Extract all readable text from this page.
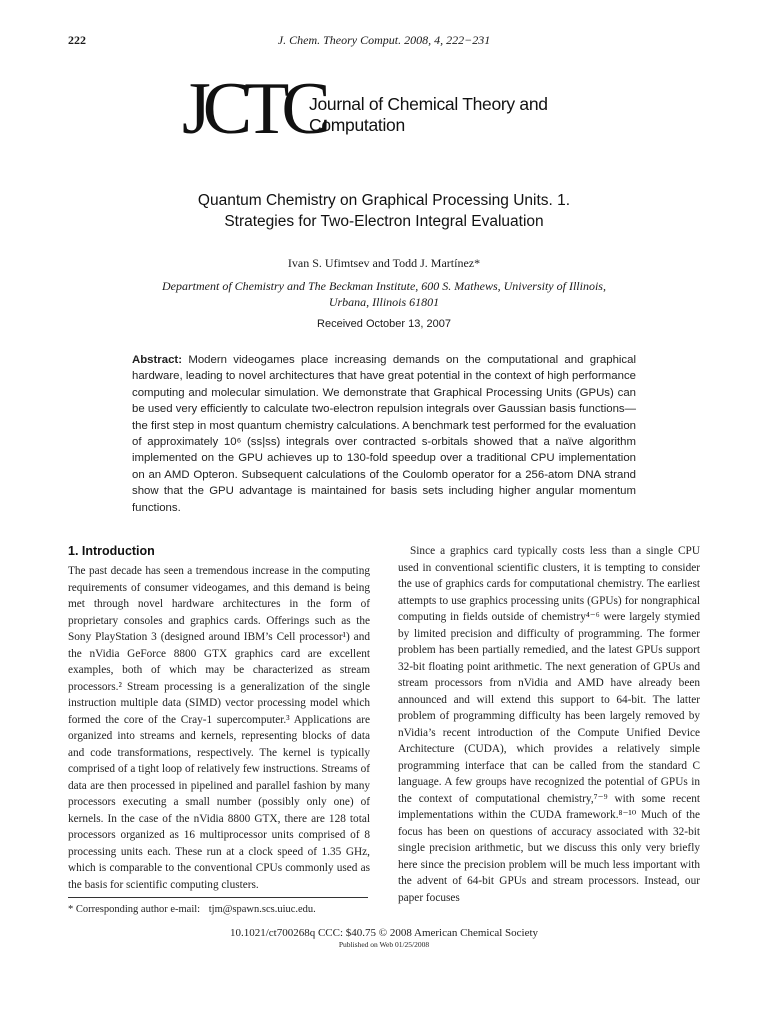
222	J. Chem. Theory Comput. 2008, 4, 222−231
JCTC
Journal of Chemical Theory and Computation
Quantum Chemistry on Graphical Processing Units. 1.
Strategies for Two-Electron Integral Evaluation
Ivan S. Ufimtsev and Todd J. Martínez*
Department of Chemistry and The Beckman Institute, 600 S. Mathews, University of Illinois, Urbana, Illinois 61801
Received October 13, 2007
Abstract: Modern videogames place increasing demands on the computational and graphical hardware, leading to novel architectures that have great potential in the context of high performance computing and molecular simulation. We demonstrate that Graphical Processing Units (GPUs) can be used very efficiently to calculate two-electron repulsion integrals over Gaussian basis functions—the first step in most quantum chemistry calculations. A benchmark test performed for the evaluation of approximately 10⁶ (ss|ss) integrals over contracted s-orbitals showed that a naïve algorithm implemented on the GPU achieves up to 130-fold speedup over a traditional CPU implementation on an AMD Opteron. Subsequent calculations of the Coulomb operator for a 256-atom DNA strand show that the GPU advantage is maintained for basis sets including higher angular momentum functions.
1. Introduction

The past decade has seen a tremendous increase in the computing requirements of consumer videogames, and this demand is being met through novel hardware architectures in the form of proprietary consoles and graphics cards. Offerings such as the Sony PlayStation 3 (designed around IBM’s Cell processor¹) and the nVidia GeForce 8800 GTX graphics card are excellent examples, both of which may be characterized as stream processors.² Stream processing is a generalization of the single instruction multiple data (SIMD) vector processing model which formed the core of the Cray-1 supercomputer.³ Applications are organized into streams and kernels, representing blocks of data and code transformations, respectively. The kernel is typically comprised of a tight loop of relatively few instructions. Streams of data are then processed in pipelined and parallel fashion by many processors executing a small number (possibly only one) of kernels. In the case of the nVidia 8800 GTX, there are 128 total processors organized as 16 multiprocessor units comprised of 8 processing units each. These run at a clock speed of 1.35 GHz, which is comparable to the conventional CPUs commonly used as the basis for scientific computing clusters.

Since a graphics card typically costs less than a single CPU used in conventional scientific clusters, it is tempting to consider the use of graphics cards for computational chemistry. The earliest attempts to use graphics processing units (GPUs) for nongraphical computing in fields outside of chemistry⁴⁻⁶ were largely stymied by limited precision and difficulty of programming. The former problem has been partially remedied, and the latest GPUs support 32-bit floating point arithmetic. The next generation of GPUs and stream processors from nVidia and AMD have already been announced and will extend this support to 64-bit. The latter problem of programming difficulty has been largely removed by nVidia’s recent introduction of the Compute Unified Device Architecture (CUDA), which provides a relatively simple programming interface that can be called from the standard C language. A few groups have recognized the potential of GPUs in the context of computational chemistry,⁷⁻⁹ with some recent implementations within the CUDA framework.⁸⁻¹⁰ Much of the focus has been on questions of accuracy associated with 32-bit single precision arithmetic, but we discuss this only very briefly here since the precision problem will be much less important with the advent of 64-bit GPUs and stream processors. Instead, our paper focuses

* Corresponding author e-mail: tjm@spawn.scs.uiuc.edu.
10.1021/ct700268q CCC: $40.75 © 2008 American Chemical Society
Published on Web 01/25/2008
